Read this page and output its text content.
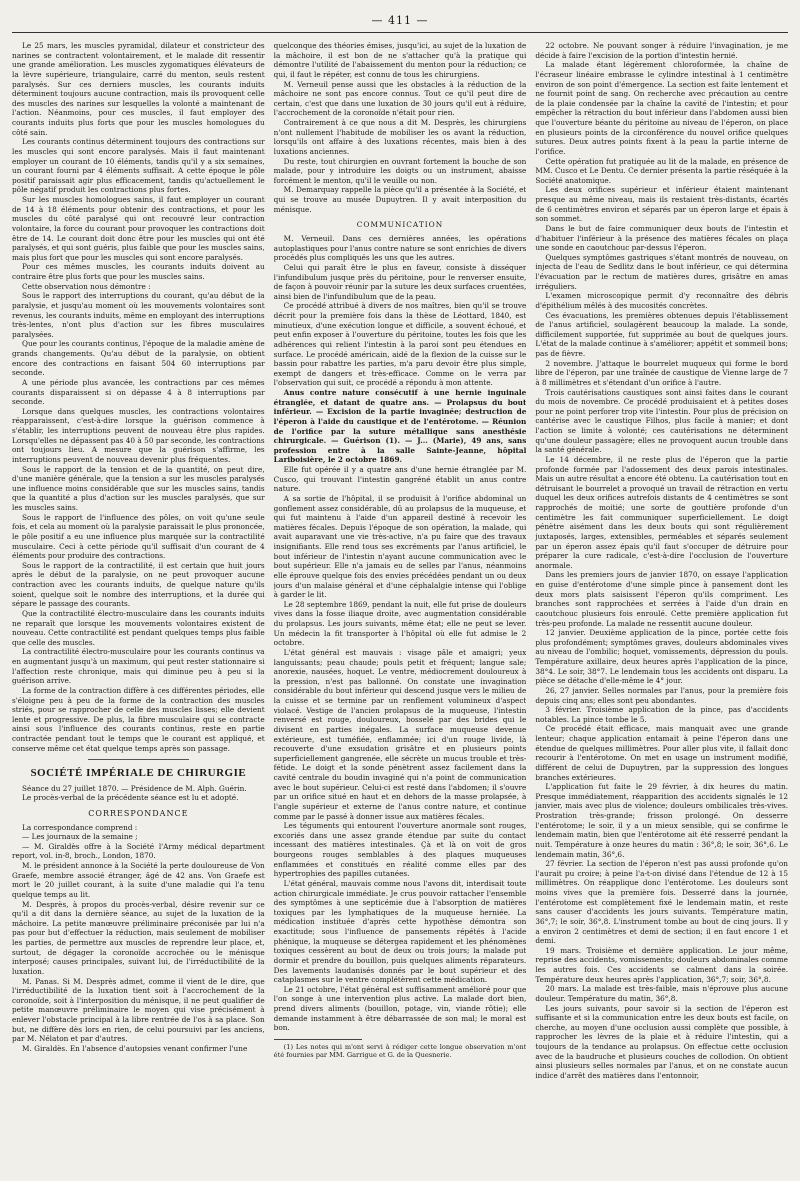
— 411 —

Le 25 mars, les muscles pyramidal, dilateur et constricteur des narines se contractent volontairement, et le malade dit ressentir une grande amélioration. Les muscles zygomatiques élévateurs de la lèvre supérieure, triangulaire, carré du menton, seuls restent paralysés. Sur ces derniers muscles, les courants induits déterminent toujours aucune contraction, mais ils provoquent celle des muscles des narines sur lesquelles la volonté a maintenant de l'action. Néanmoins, pour ces muscles, il faut employer des courants induits plus forts que pour les muscles homologues du côté sain.

Les courants continus déterminent toujours des contractions sur les muscles qui sont encore paralysés. Mais il faut maintenant employer un courant de 10 éléments, tandis qu'il y a six semaines, un courant fourni par 4 éléments suffisait. A cette époque le pôle positif paraissait agir plus efficacement, tandis qu'actuellement le pôle négatif produit les contractions plus fortes.

Sur les muscles homologues sains, il faut employer un courant de 14 à 18 éléments pour obtenir des contractions, et pour les muscles du côté paralysé qui ont recouvré leur contraction volontaire, la force du courant pour provoquer les contractions doit être de 14. Le courant doit donc être pour les muscles qui ont été paralysés, et qui sont guéris, plus faible que pour les muscles sains, mais plus fort que pour les muscles qui sont encore paralysés.

Pour ces mêmes muscles, les courants induits doivent au contraire être plus forts que pour les muscles sains.

Cette observation nous démontre :

Sous le rapport des interruptions du courant, qu'au début de la paralysie, et jusqu'au moment où les mouvements volontaires sont revenus, les courants induits, même en employant des interruptions très-lentes, n'ont plus d'action sur les fibres musculaires paralysées.

Que pour les courants continus, l'époque de la maladie amène de grands changements. Qu'au début de la paralysie, on obtient encore des contractions en faisant 504 60 interruptions par seconde.

A une période plus avancée, les contractions par ces mêmes courants disparaissent si on dépasse 4 à 8 interruptions par seconde.

Lorsque dans quelques muscles, les contractions volontaires réapparaissent, c'est-à-dire lorsque la guérison commence à s'établir, les interruptions peuvent de nouveau être plus rapides. Lorsqu'elles ne dépassent pas 40 à 50 par seconde, les contractions ont toujours lieu. A mesure que la guérison s'affirme, les interruptions peuvent de nouveau devenir plus fréquentes.

Sous le rapport de la tension et de la quantité, on peut dire, d'une manière générale, que la tension a sur les muscles paralysés une influence moins considérable que sur les muscles sains, tandis que la quantité a plus d'action sur les muscles paralysés, que sur les muscles sains.

Sous le rapport de l'influence des pôles, on voit qu'une seule fois, et cela au moment où la paralysie paraissait le plus prononcée, le pôle positif a eu une influence plus marquée sur la contractilité musculaire. Ceci à cette période qu'il suffisait d'un courant de 4 éléments pour produire des contractions.

Sous le rapport de la contractilité, il est certain que huit jours après le début de la paralysie, on ne peut provoquer aucune contraction avec les courants induits, de quelque nature qu'ils soient, quelque soit le nombre des interruptions, et la durée qui sépare le passage des courants.

Que la contractilité électro-musculaire dans les courants induits ne reparaît que lorsque les mouvements volontaires existent de nouveau. Cette contractilité est pendant quelques temps plus faible que celle des muscles.

La contractilité électro-musculaire pour les courants continus va en augmentant jusqu'à un maximum, qui peut rester stationnaire si l'affection reste chronique, mais qui diminue peu à peu si la guérison arrive.

La forme de la contraction diffère à ces différentes périodes, elle s'éloigne peu à peu de la forme de la contraction des muscles striés, pour se rapprocher de celle des muscles lisses; elle devient lente et progressive. De plus, la fibre musculaire qui se contracte ainsi sous l'influence des courants continus, reste en partie contractée pendant tout le temps que le courant est appliqué, et conserve même cet état quelque temps après son passage.

SOCIÉTÉ IMPÉRIALE DE CHIRURGIE

Séance du 27 juillet 1870. — Présidence de M. Alph. Guérin.

Le procès-verbal de la précédente séance est lu et adopté.

CORRESPONDANCE

La correspondance comprend :

— Les journaux de la semaine ;

— M. Giraldès offre à la Société l'Army médical department report, vol. in-8, broch., London, 1870.

M. le président annonce à la Société la perte douloureuse de Von Graefe, membre associé étranger, âgé de 42 ans. Von Graefe est mort le 20 juillet courant, à la suite d'une maladie qui l'a tenu quelque temps au lit.

M. Desprès, à propos du procès-verbal, désire revenir sur ce qu'il a dit dans la dernière séance, au sujet de la luxation de la mâchoire. La petite manœuvre préliminaire préconisée par lui n'a pas pour but d'effectuer la réduction, mais seulement de mobiliser les parties, de permettre aux muscles de reprendre leur place, et, surtout, de dégager la coronoïde accrochée ou le ménisque interposé; causes principales, suivant lui, de l'irréductibilité de la luxation.

M. Panas. Si M. Desprès admet, comme il vient de le dire, que l'irréductibilité de la luxation tient soit à l'accrochement de la coronoïde, soit à l'interposition du ménisque, il ne peut qualifier de petite manœuvre préliminaire le moyen qui vise précisément à enlever l'obstacle principal à la libre rentrée de l'os à sa place. Son but, ne diffère dès lors en rien, de celui poursuivi par les anciens, par M. Nélaton et par d'autres.

M. Giraldès. En l'absence d'autopsies venant confirmer l'une

quelconque des théories émises, jusqu'ici, au sujet de la luxation de la mâchoire, il est bon de ne s'attacher qu'à la pratique qui démontre l'utilité de l'abaissement du menton pour la réduction; ce qui, il faut le répéter, est connu de tous les chirurgiens.

M. Verneuil pense aussi que les obstacles à la réduction de la mâchoire ne sont pas encore connus. Tout ce qu'il peut dire de certain, c'est que dans une luxation de 30 jours qu'il eut à réduire, l'accrochement de la coronoïde n'était pour rien.

Contrairement à ce que nous a dit M. Desprès, les chirurgiens n'ont nullement l'habitude de mobiliser les os avant la réduction, lorsqu'ils ont affaire à des luxations récentes, mais bien à des luxations anciennes.

Du reste, tout chirurgien en ouvrant fortement la bouche de son malade, pour y introduire les doigts ou un instrument, abaisse forcément le menton, qu'il le veuille ou non.

M. Demarquay rappelle la pièce qu'il a présentée à la Société, et qui se trouve au musée Dupuytren. Il y avait interposition du ménisque.

COMMUNICATION

M. Verneuil. Dans ces dernières années, les opérations autoplastiques pour l'anus contre nature se sont enrichies de divers procédés plus compliqués les uns que les autres.

Celui qui paraît être le plus en faveur, consiste à disséquer l'infundibulum jusque près du péritoine, pour le renverser ensuite, de façon à pouvoir réunir par la suture les deux surfaces cruentées, ainsi bien de l'infundibulum que de la peau.

Ce procédé attribué à divers de nos maîtres, bien qu'il se trouve décrit pour la première fois dans la thèse de Léottard, 1840, est minutieux, d'une exécution longue et difficile, a souvent échoué, et peut enfin exposer à l'ouverture du péritoine, toutes les fois que les adhérences qui relient l'intestin à la paroi sont peu étendues en surface. Le procédé américain, aidé de la flexion de la cuisse sur le bassin pour rabattre les parties, m'a paru devoir être plus simple, exempt de dangers et très-efficace. Comme on le verra par l'observation qui suit, ce procédé a répondu à mon attente.

Anus contre nature consécutif à une hernie inguinale étranglée, et datant de quatre ans. — Prolapsus du bout inférieur. — Excision de la partie invaginée; destruction de l'éperon à l'aide du caustique et de l'entérotome. — Réunion de l'orifice par la suture métallique sans anesthésie chirurgicale. — Guérison (1). — J... (Marie), 49 ans, sans profession entre à la salle Sainte-Jeanne, hôpital Lariboisière, le 2 octobre 1869.

Elle fut opérée il y a quatre ans d'une hernie étranglée par M. Cusco, qui trouvant l'intestin gangréné établit un anus contre nature.

A sa sortie de l'hôpital, il se produisit à l'orifice abdominal un gonflement assez considérable, dû au prolapsus de la muqueuse, et qui fut maintenu à l'aide d'un appareil destiné à recevoir les matières fécales. Depuis l'époque de son opération, la malade, qui avait auparavant une vie très-active, n'a pu faire que des travaux insignifiants. Elle rend tous ses excréments par l'anus artificiel, le bout inférieur de l'intestin n'ayant aucune communication avec le bout supérieur. Elle n'a jamais eu de selles par l'anus, néanmoins elle éprouve quelque fois des envies précédées pendant un ou deux jours d'un malaise général et d'une céphalalgie intense qui l'oblige à garder le lit.

Le 28 septembre 1869, pendant la nuit, elle fut prise de douleurs vives dans la fosse iliaque droite, avec augmentation considérable du prolapsus. Les jours suivants, même état; elle ne peut se lever. Un médecin la fit transporter à l'hôpital où elle fut admise le 2 octobre.

L'état général est mauvais : visage pâle et amaigri; yeux languissants; peau chaude; pouls petit et fréquent; langue sale; anorexie, nausées, hoquet. Le ventre, médiocrement douloureux à la pression, n'est pas ballonné. On constate une invagination considérable du bout inférieur qui descend jusque vers le milieu de la cuisse et se termine par un renflement volumineux d'aspect violacé. Vestige de l'ancien prolapsus de la muqueuse, l'intestin renversé est rouge, douloureux, bosselé par des brides qui le divisent en parties inégales. La surface muqueuse devenue extérieure, est tuméfiée, enflammée; ici d'un rouge livide, là recouverte d'une exsudation grisâtre et en plusieurs points superficiellement gangrenée, elle sécrète un mucus trouble et très-fétide. Le doigt et la sonde pénètrent assez facilement dans la cavité centrale du boudin invaginé qui n'a point de communication avec le bout supérieur. Celui-ci est resté dans l'abdomen; il s'ouvre par un orifice situé en haut et en dehors de la masse prolapsée, à l'angle supérieur et externe de l'anus contre nature, et continue comme par le passé à donner issue aux matières fécales.

Les téguments qui entourent l'ouverture anormale sont rouges, excoriés dans une assez grande étendue par suite du contact incessant des matières intestinales. Çà et là on voit de gros bourgeons rouges semblables à des plaques muqueuses enflammées et constitués en réalité comme elles par des hypertrophies des papilles cutanées.

L'état général, mauvais comme nous l'avons dit, interdisait toute action chirurgicale immédiate. Je crus pouvoir rattacher l'ensemble des symptômes à une septicémie due à l'absorption de matières toxiques par les lymphatiques de la muqueuse herniée. La médication instituée d'après cette hypothèse démontra son exactitude; sous l'influence de pansements répétés à l'acide phénique, la muqueuse se détergea rapidement et les phénomènes toxiques cessèrent au bout de deux ou trois jours; la malade put dormir et prendre du bouillon, puis quelques aliments réparateurs. Des lavements laudanisés donnés par le bout supérieur et des cataplasmes sur le ventre complétèrent cette médication.

Le 21 octobre, l'état général est suffisamment amélioré pour que l'on songe à une intervention plus active. La malade dort bien, prend divers aliments (bouillon, potage, vin, viande rôtie); elle demande instamment à être débarrassée de son mal; le moral est bon.

(1) Les notes qui m'ont servi à rédiger cette longue observation m'ont été fournies par MM. Garrigue et G. de la Quesnerie.

22 octobre. Ne pouvant songer à réduire l'invagination, je me décide à faire l'excision de la portion d'intestin hernié.

La malade étant légèrement chloroformée, la chaîne de l'écraseur linéaire embrasse le cylindre intestinal à 1 centimètre environ de son point d'émergence. La section est faite lentement et ne fournit point de sang. On recherche avec précaution au centre de la plaie condensée par la chaîne la cavité de l'intestin; et pour empêcher la rétraction du bout inférieur dans l'abdomen aussi bien que l'ouverture béante du péritoine au niveau de l'éperon, on place en plusieurs points de la circonférence du nouvel orifice quelques sutures. Deux autres points fixent à la peau la partie interne de l'orifice.

Cette opération fut pratiquée au lit de la malade, en présence de MM. Cusco et Le Dentu. Ce dernier présenta la partie réséquée à la Société anatomique.

Les deux orifices supérieur et inférieur étaient maintenant presque au même niveau, mais ils restaient très-distants, écartés de 6 centimètres environ et séparés par un éperon large et épais à son sommet.

Dans le but de faire communiquer deux bouts de l'intestin et d'habituer l'inférieur à la présence des matières fécales on plaça une sonde en caoutchouc par-dessus l'éperon.

Quelques symptômes gastriques s'étant montrés de nouveau, on injecta de l'eau de Sedlitz dans le bout inférieur, ce qui détermina l'évacuation par le rectum de matières dures, grisâtre en amas irréguliers.

L'examen microscopique permit d'y reconnaître des débris d'épithélium mêlés à des mucosités concrètes.

Ces évacuations, les premières obtenues depuis l'établissement de l'anus artificiel, soulagèrent beaucoup la malade. La sonde, difficilement supportée, fut supprimée au bout de quelques jours. L'état de la malade continue à s'améliorer; appétit et sommeil bons; pas de fièvre.

2 novembre. J'attaque le bourrelet muqueux qui forme le bord libre de l'éperon, par une traînée de caustique de Vienne large de 7 à 8 millimètres et s'étendant d'un orifice à l'autre.

Trois cautérisations caustiques sont ainsi faites dans le courant du mois de novembre. Ce procédé produisaient et à petites doses pour ne point perforer trop vite l'intestin. Pour plus de précision on cantérise avec le caustique Filhos, plus facile à manier; et dont l'action se limite à volonté; ces cautérisations ne déterminent qu'une douleur passagère; elles ne provoquent aucun trouble dans la santé générale.

Le 14 décembre, il ne reste plus de l'éperon que la partie profonde formée par l'adossement des deux parois intestinales. Mais un autre résultat a encore été obtenu. La cautérisation tout en détruisant le bourrelet a provoqué un travail de rétraction en vertu duquel les deux orifices autrefois distants de 4 centimètres se sont rapprochés de moitié; une sorte de gouttière profonde d'un centimètre les fait communiquer superficiellement. Le doigt pénètre aisément dans les deux bouts qui sont régulièrement juxtaposés, larges, extensibles, perméables et séparés seulement par un éperon assez épais qu'il faut s'occuper de détruire pour préparer la cure radicale, c'est-à-dire l'occlusion de l'ouverture anormale.

Dans les premiers jours de janvier 1870, on essaye l'application en guise d'entérotome d'une simple pince à pansement dont les deux mors plats saisissent l'éperon qu'ils compriment. Les branches sont rapprochées et serrées à l'aide d'un drain en caoutchouc plusieurs fois enroulé. Cette première application fut très-peu profonde. La malade ne ressentit aucune douleur.

12 janvier. Deuxième application de la pince, portée cette fois plus profondément; symptômes graves, douleurs abdominales vives au niveau de l'ombilic; hoquet, vomissements, dépression du pouls. Température axillaire, deux heures après l'application de la pince, 38°4. Le soir, 38°7. Le lendemain tous les accidents ont disparu. La pièce se détache d'elle-même le 4° jour.

26, 27 janvier. Selles normales par l'anus, pour la première fois depuis cinq ans; elles sont peu abondantes.

3 février. Troisième application de la pince, pas d'accidents notables. La pince tombe le 5.

Ce procédé était efficace, mais manquait avec une grande lenteur; chaque application entamait à peine l'éperon dans une étendue de quelques millimètres. Pour aller plus vite, il fallait donc recourir à l'entérotome. On met en usage un instrument modifié, différent de celui de Dupuytren, par la suppression des longues branches extérieures.

L'application fut faite le 29 février, à dix heures du matin. Presque immédiatement, réapparition des accidents signalés le 12 janvier, mais avec plus de violence; douleurs ombilicales très-vives. Prostration très-grande; frisson prolongé. On desserre l'entérotome; le soir, il y a un mieux sensible, qui se confirme le lendemain matin, bien que l'entérotome ait été resserré pendant la nuit. Température à onze heures du matin : 36°,8; le soir, 36°,6. Le lendemain matin, 36°,6.

27 février. La section de l'éperon n'est pas aussi profonde qu'on l'aurait pu croire; à peine l'a-t-on divisé dans l'étendue de 12 à 15 millimètres. On réapplique donc l'entérotome. Les douleurs sont moins vives que la première fois. Desserré dans la journée, l'entérotome est complètement fixé le lendemain matin, et reste sans causer d'accidents les jours suivants. Température matin, 36°,7; le soir, 36°,8. L'instrument tombe au bout de cinq jours. Il y a environ 2 centimètres et demi de section; il en faut encore 1 et demi.

19 mars. Troisième et dernière application. Le jour même, reprise des accidents, vomissements; douleurs abdominales comme les autres fois. Ces accidents se calment dans la soirée. Température deux heures après l'application, 36°,7; soir, 36°,8.

20 mars. La malade est très-faible, mais n'éprouve plus aucune douleur. Température du matin, 36°,8.

Les jours suivants, pour savoir si la section de l'éperon est suffisante et si la communication entre les deux bouts est facile, on cherche, au moyen d'une occlusion aussi complète que possible, à rapprocher les lèvres de la plaie et à réduire l'intestin, qui a toujours de la tendance au prolapsus. On effectue cette occlusion avec de la baudruche et plusieurs couches de collodion. On obtient ainsi plusieurs selles normales par l'anus, et on ne constate aucun indice d'arrêt des matières dans l'entonnoir,
